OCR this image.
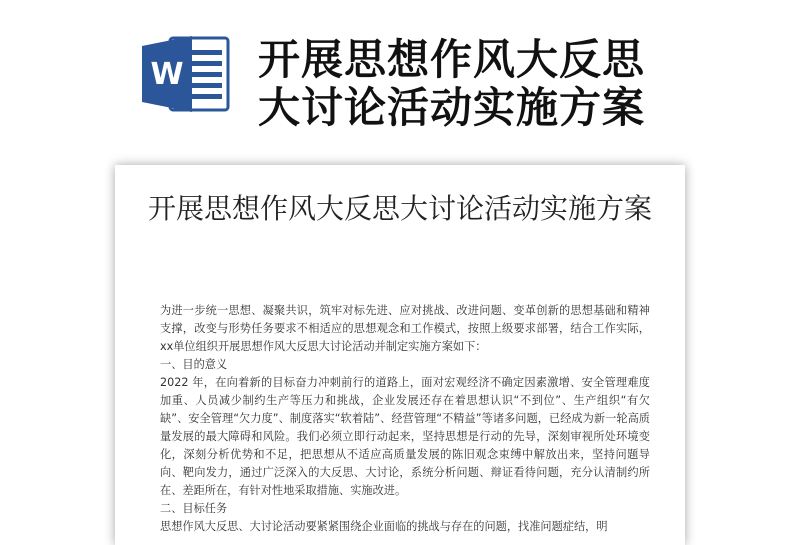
W 开展思想作风大反思大讨论活动实施方案
开展思想作风大反思大讨论活动实施方案

为进一步统一思想、凝聚共识，筑牢对标先进、应对挑战、改进问题、变革创新的思想基础和精神支撑，改变与形势任务要求不相适应的思想观念和工作模式，按照上级要求部署，结合工作实际，xx单位组织开展思想作风大反思大讨论活动并制定实施方案如下：

一、目的意义

2022 年，在向着新的目标奋力冲刺前行的道路上，面对宏观经济不确定因素激增、安全管理难度加重、人员减少制约生产等压力和挑战，企业发展还存在着思想认识“不到位”、生产组织“有欠缺”、安全管理“欠力度”、制度落实“软着陆”、经营管理“不精益”等诸多问题，已经成为新一轮高质量发展的最大障碍和风险。我们必须立即行动起来，坚持思想是行动的先导，深刻审视所处环境变化，深刻分析优势和不足，把思想从不适应高质量发展的陈旧观念束缚中解放出来，坚持问题导向、靶向发力，通过广泛深入的大反思、大讨论，系统分析问题、辩证看待问题，充分认清制约所在、差距所在，有针对性地采取措施、实施改进。

二、目标任务

思想作风大反思、大讨论活动要紧紧围绕企业面临的挑战与存在的问题，找准问题症结，明
